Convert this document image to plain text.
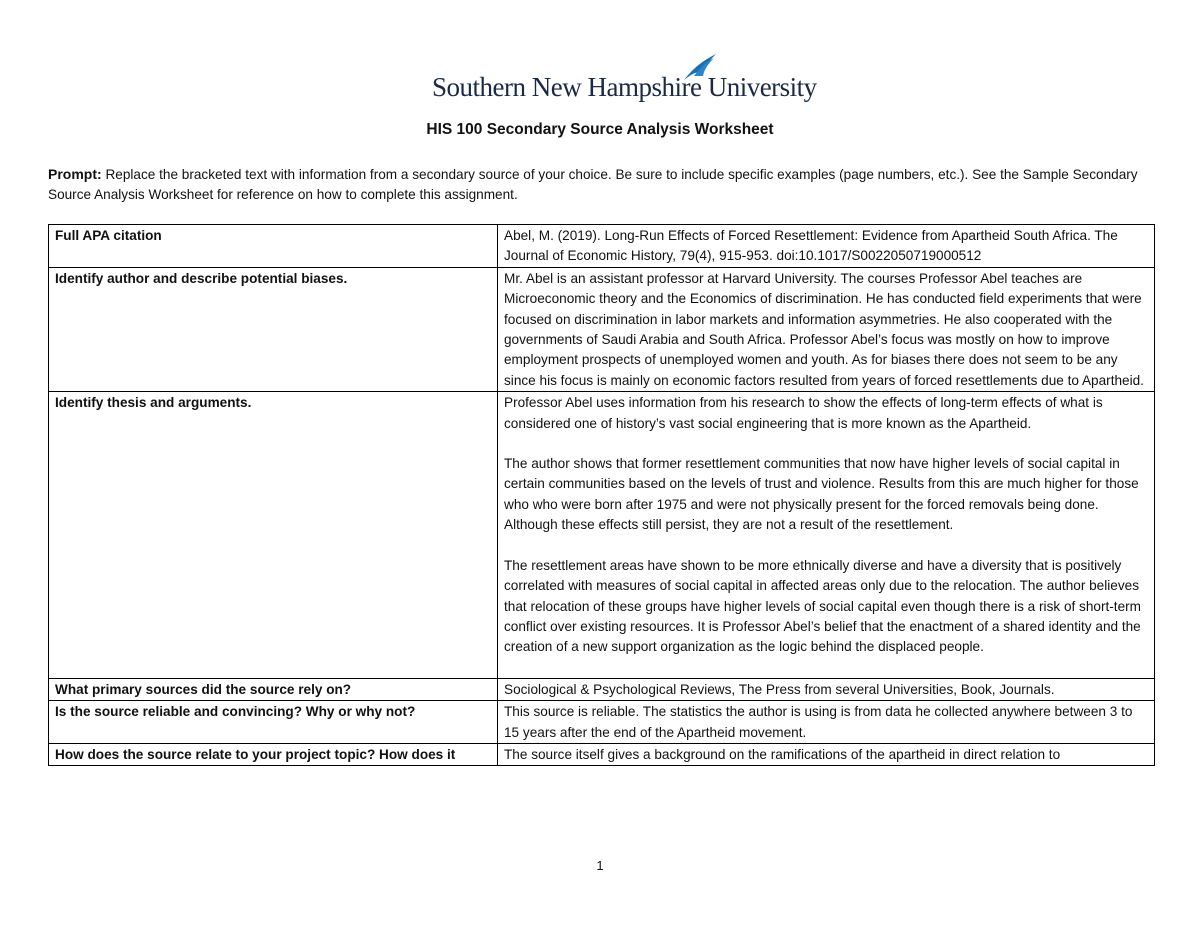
Southern New Hampshire University
HIS 100 Secondary Source Analysis Worksheet
Prompt: Replace the bracketed text with information from a secondary source of your choice. Be sure to include specific examples (page numbers, etc.). See the Sample Secondary Source Analysis Worksheet for reference on how to complete this assignment.
Full APA citation	Abel, M. (2019). Long-Run Effects of Forced Resettlement: Evidence from Apartheid South Africa. The Journal of Economic History, 79(4), 915-953. doi:10.1017/S0022050719000512
Identify author and describe potential biases.	Mr. Abel is an assistant professor at Harvard University. The courses Professor Abel teaches are Microeconomic theory and the Economics of discrimination. He has conducted field experiments that were focused on discrimination in labor markets and information asymmetries. He also cooperated with the governments of Saudi Arabia and South Africa. Professor Abel’s focus was mostly on how to improve employment prospects of unemployed women and youth. As for biases there does not seem to be any since his focus is mainly on economic factors resulted from years of forced resettlements due to Apartheid.
Identify thesis and arguments.	Professor Abel uses information from his research to show the effects of long-term effects of what is considered one of history’s vast social engineering that is more known as the Apartheid.
The author shows that former resettlement communities that now have higher levels of social capital in certain communities based on the levels of trust and violence. Results from this are much higher for those who who were born after 1975 and were not physically present for the forced removals being done. Although these effects still persist, they are not a result of the resettlement.
The resettlement areas have shown to be more ethnically diverse and have a diversity that is positively correlated with measures of social capital in affected areas only due to the relocation. The author believes that relocation of these groups have higher levels of social capital even though there is a risk of short-term conflict over existing resources. It is Professor Abel’s belief that the enactment of a shared identity and the creation of a new support organization as the logic behind the displaced people.

What primary sources did the source rely on?	Sociological & Psychological Reviews, The Press from several Universities, Book, Journals.
Is the source reliable and convincing? Why or why not?	This source is reliable. The statistics the author is using is from data he collected anywhere between 3 to 15 years after the end of the Apartheid movement.
How does the source relate to your project topic? How does it	The source itself gives a background on the ramifications of the apartheid in direct relation to
1
